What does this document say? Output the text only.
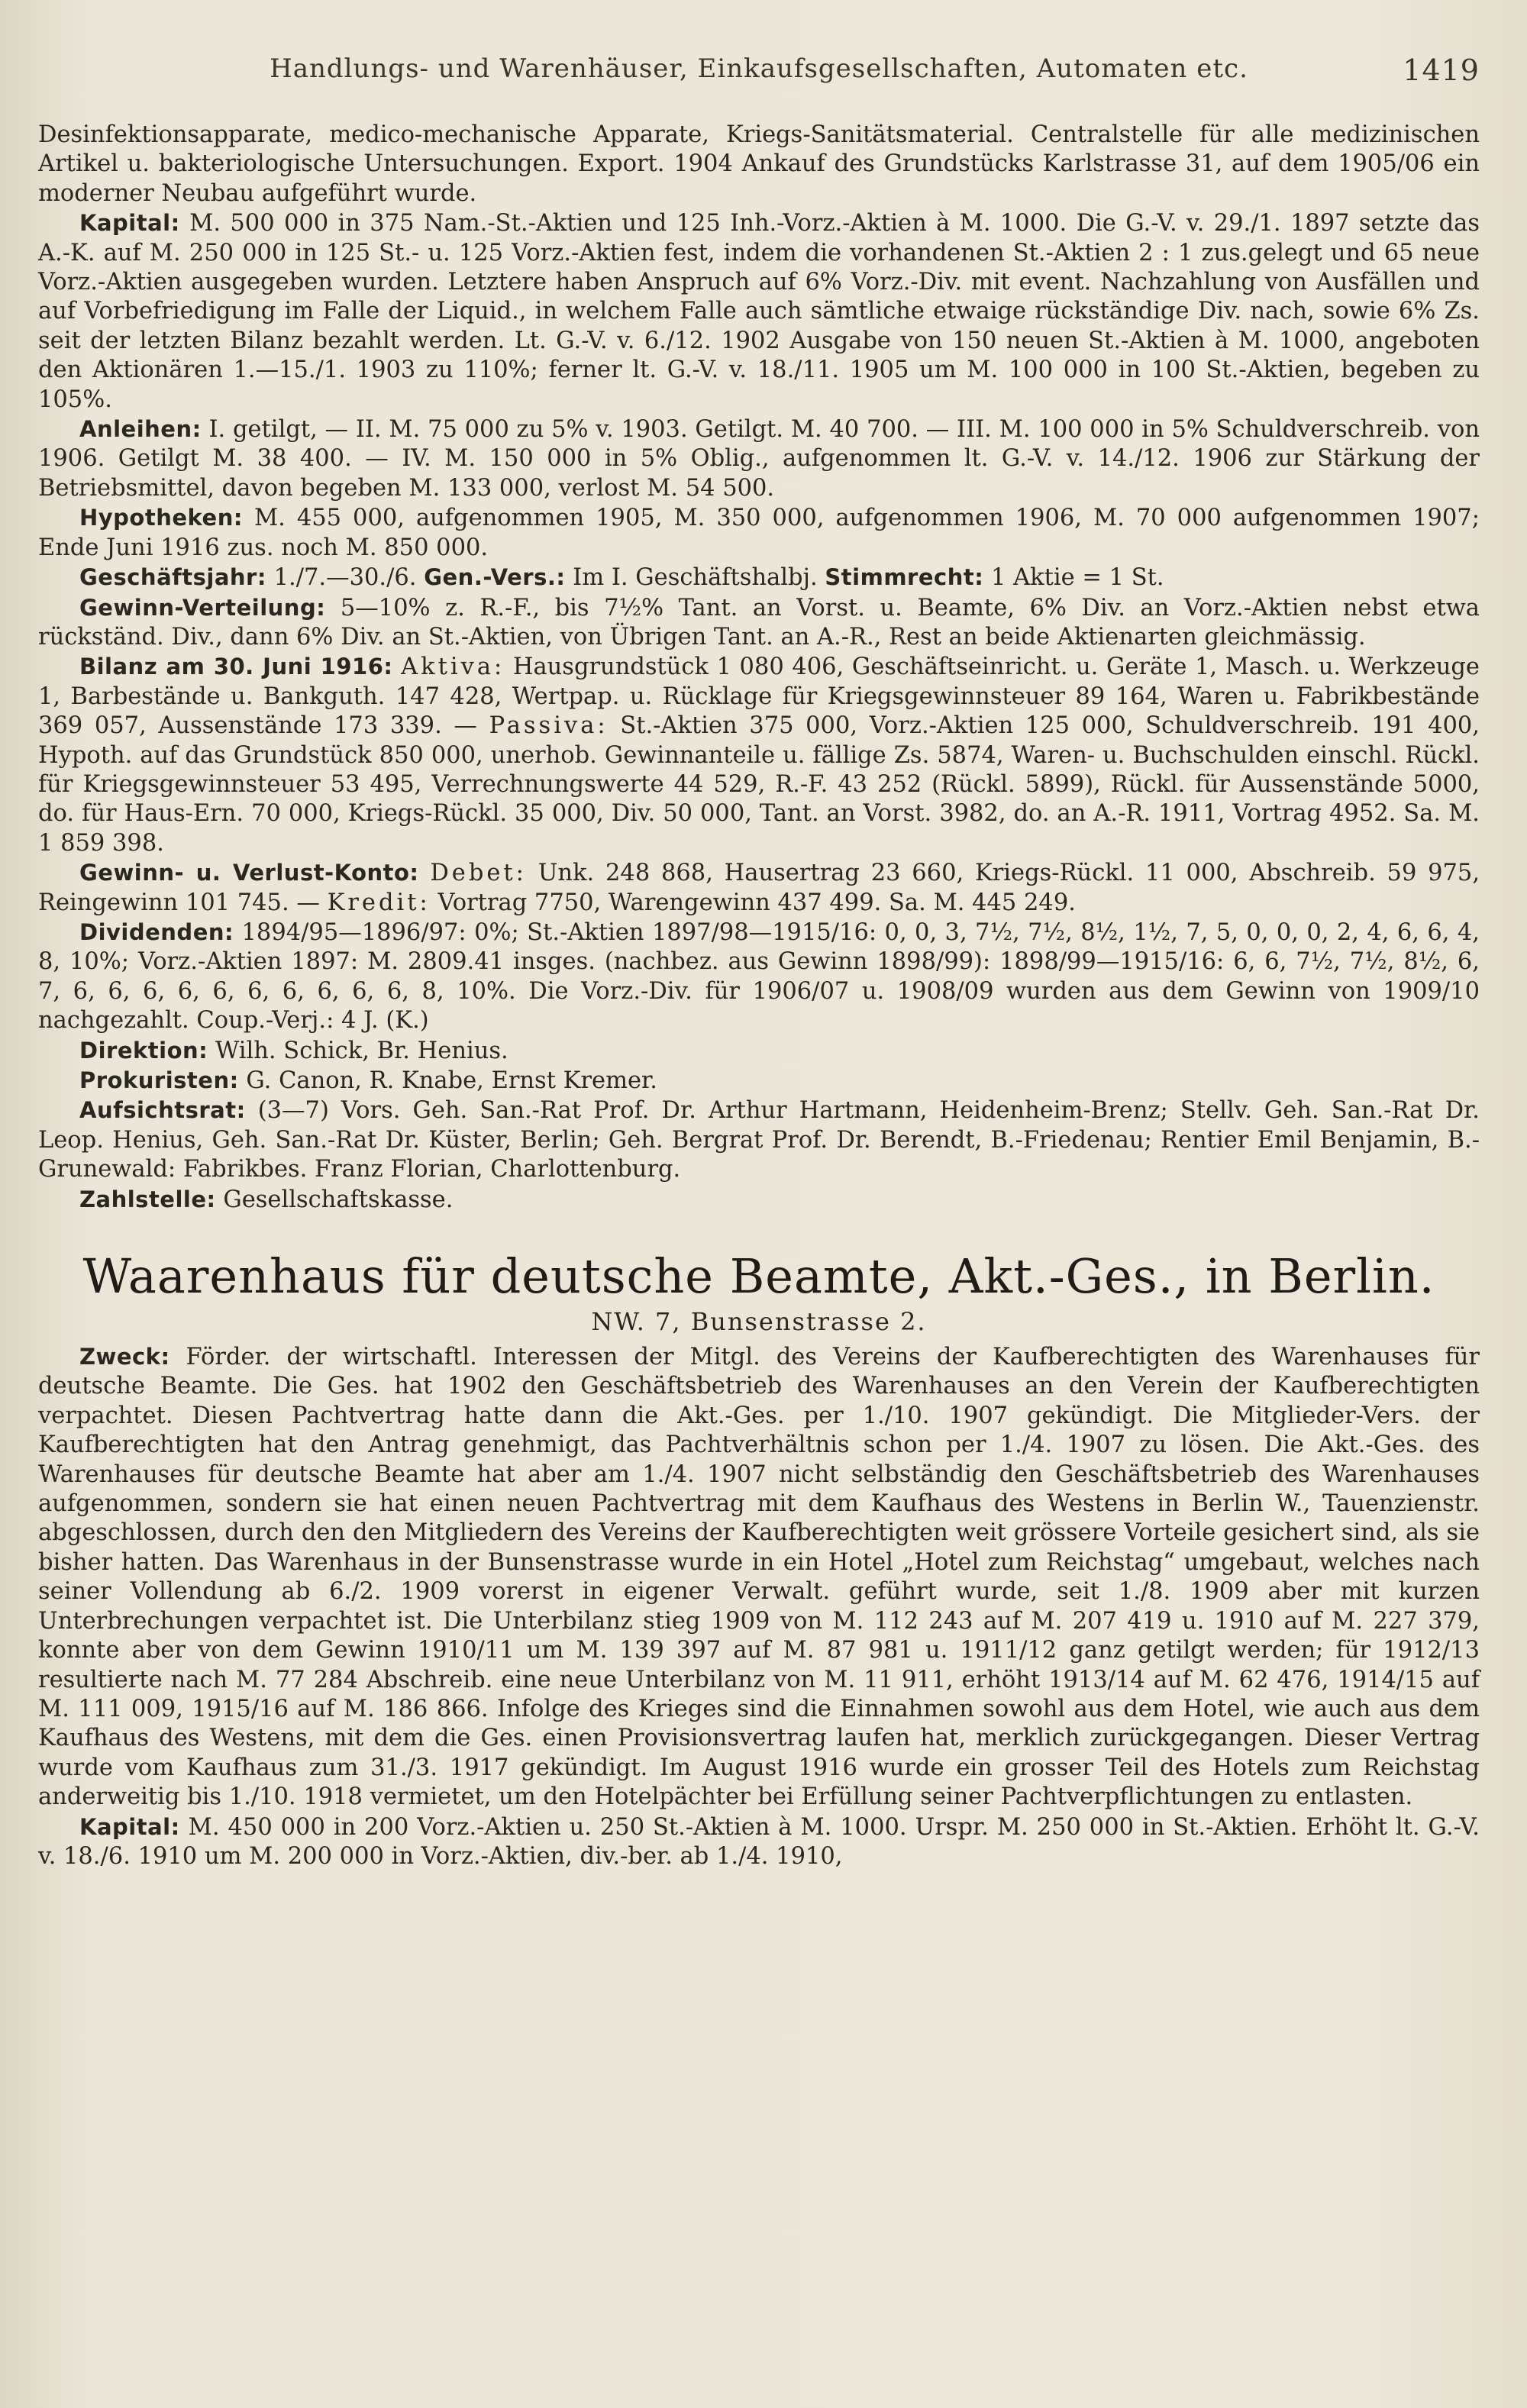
Handlungs- und Warenhäuser, Einkaufsgesellschaften, Automaten etc.	1419

Desinfektionsapparate, medico-mechanische Apparate, Kriegs-Sanitätsmaterial. Centralstelle für alle medizinischen Artikel u. bakteriologische Untersuchungen. Export. 1904 Ankauf des Grundstücks Karlstrasse 31, auf dem 1905/06 ein moderner Neubau aufgeführt wurde.

Kapital: M. 500 000 in 375 Nam.-St.-Aktien und 125 Inh.-Vorz.-Aktien à M. 1000. Die G.-V. v. 29./1. 1897 setzte das A.-K. auf M. 250 000 in 125 St.- u. 125 Vorz.-Aktien fest, indem die vorhandenen St.-Aktien 2 : 1 zus.gelegt und 65 neue Vorz.-Aktien ausgegeben wurden. Letztere haben Anspruch auf 6% Vorz.-Div. mit event. Nachzahlung von Ausfällen und auf Vorbefriedigung im Falle der Liquid., in welchem Falle auch sämtliche etwaige rückständige Div. nach, sowie 6% Zs. seit der letzten Bilanz bezahlt werden. Lt. G.-V. v. 6./12. 1902 Ausgabe von 150 neuen St.-Aktien à M. 1000, angeboten den Aktionären 1.—15./1. 1903 zu 110%; ferner lt. G.-V. v. 18./11. 1905 um M. 100 000 in 100 St.-Aktien, begeben zu 105%.

Anleihen: I. getilgt, — II. M. 75 000 zu 5% v. 1903. Getilgt. M. 40 700. — III. M. 100 000 in 5% Schuldverschreib. von 1906. Getilgt M. 38 400. — IV. M. 150 000 in 5% Oblig., aufgenommen lt. G.-V. v. 14./12. 1906 zur Stärkung der Betriebsmittel, davon begeben M. 133 000, verlost M. 54 500.

Hypotheken: M. 455 000, aufgenommen 1905, M. 350 000, aufgenommen 1906, M. 70 000 aufgenommen 1907; Ende Juni 1916 zus. noch M. 850 000.

Geschäftsjahr: 1./7.—30./6. Gen.-Vers.: Im I. Geschäftshalbj. Stimmrecht: 1 Aktie = 1 St.

Gewinn-Verteilung: 5—10% z. R.-F., bis 7½% Tant. an Vorst. u. Beamte, 6% Div. an Vorz.-Aktien nebst etwa rückständ. Div., dann 6% Div. an St.-Aktien, von Übrigen Tant. an A.-R., Rest an beide Aktienarten gleichmässig.

Bilanz am 30. Juni 1916: Aktiva: Hausgrundstück 1 080 406, Geschäftseinricht. u. Geräte 1, Masch. u. Werkzeuge 1, Barbestände u. Bankguth. 147 428, Wertpap. u. Rücklage für Kriegsgewinnsteuer 89 164, Waren u. Fabrikbestände 369 057, Aussenstände 173 339. — Passiva: St.-Aktien 375 000, Vorz.-Aktien 125 000, Schuldverschreib. 191 400, Hypoth. auf das Grundstück 850 000, unerhob. Gewinnanteile u. fällige Zs. 5874, Waren- u. Buchschulden einschl. Rückl. für Kriegsgewinnsteuer 53 495, Verrechnungswerte 44 529, R.-F. 43 252 (Rückl. 5899), Rückl. für Aussenstände 5000, do. für Haus-Ern. 70 000, Kriegs-Rückl. 35 000, Div. 50 000, Tant. an Vorst. 3982, do. an A.-R. 1911, Vortrag 4952. Sa. M. 1 859 398.

Gewinn- u. Verlust-Konto: Debet: Unk. 248 868, Hausertrag 23 660, Kriegs-Rückl. 11 000, Abschreib. 59 975, Reingewinn 101 745. — Kredit: Vortrag 7750, Warengewinn 437 499. Sa. M. 445 249.

Dividenden: 1894/95—1896/97: 0%; St.-Aktien 1897/98—1915/16: 0, 0, 3, 7½, 7½, 8½, 1½, 7, 5, 0, 0, 0, 2, 4, 6, 6, 4, 8, 10%; Vorz.-Aktien 1897: M. 2809.41 insges. (nachbez. aus Gewinn 1898/99): 1898/99—1915/16: 6, 6, 7½, 7½, 8½, 6, 7, 6, 6, 6, 6, 6, 6, 6, 6, 6, 6, 8, 10%. Die Vorz.-Div. für 1906/07 u. 1908/09 wurden aus dem Gewinn von 1909/10 nachgezahlt. Coup.-Verj.: 4 J. (K.)

Direktion: Wilh. Schick, Br. Henius.

Prokuristen: G. Canon, R. Knabe, Ernst Kremer.

Aufsichtsrat: (3—7) Vors. Geh. San.-Rat Prof. Dr. Arthur Hartmann, Heidenheim-Brenz; Stellv. Geh. San.-Rat Dr. Leop. Henius, Geh. San.-Rat Dr. Küster, Berlin; Geh. Bergrat Prof. Dr. Berendt, B.-Friedenau; Rentier Emil Benjamin, B.-Grunewald: Fabrikbes. Franz Florian, Charlottenburg.

Zahlstelle: Gesellschaftskasse.

Waarenhaus für deutsche Beamte, Akt.-Ges., in Berlin.
NW. 7, Bunsenstrasse 2.

Zweck: Förder. der wirtschaftl. Interessen der Mitgl. des Vereins der Kaufberechtigten des Warenhauses für deutsche Beamte. Die Ges. hat 1902 den Geschäftsbetrieb des Warenhauses an den Verein der Kaufberechtigten verpachtet. Diesen Pachtvertrag hatte dann die Akt.-Ges. per 1./10. 1907 gekündigt. Die Mitglieder-Vers. der Kaufberechtigten hat den Antrag genehmigt, das Pachtverhältnis schon per 1./4. 1907 zu lösen. Die Akt.-Ges. des Warenhauses für deutsche Beamte hat aber am 1./4. 1907 nicht selbständig den Geschäftsbetrieb des Warenhauses aufgenommen, sondern sie hat einen neuen Pachtvertrag mit dem Kaufhaus des Westens in Berlin W., Tauenzienstr. abgeschlossen, durch den den Mitgliedern des Vereins der Kaufberechtigten weit grössere Vorteile gesichert sind, als sie bisher hatten. Das Warenhaus in der Bunsenstrasse wurde in ein Hotel „Hotel zum Reichstag“ umgebaut, welches nach seiner Vollendung ab 6./2. 1909 vorerst in eigener Verwalt. geführt wurde, seit 1./8. 1909 aber mit kurzen Unterbrechungen verpachtet ist. Die Unterbilanz stieg 1909 von M. 112 243 auf M. 207 419 u. 1910 auf M. 227 379, konnte aber von dem Gewinn 1910/11 um M. 139 397 auf M. 87 981 u. 1911/12 ganz getilgt werden; für 1912/13 resultierte nach M. 77 284 Abschreib. eine neue Unterbilanz von M. 11 911, erhöht 1913/14 auf M. 62 476, 1914/15 auf M. 111 009, 1915/16 auf M. 186 866. Infolge des Krieges sind die Einnahmen sowohl aus dem Hotel, wie auch aus dem Kaufhaus des Westens, mit dem die Ges. einen Provisionsvertrag laufen hat, merklich zurückgegangen. Dieser Vertrag wurde vom Kaufhaus zum 31./3. 1917 gekündigt. Im August 1916 wurde ein grosser Teil des Hotels zum Reichstag anderweitig bis 1./10. 1918 vermietet, um den Hotelpächter bei Erfüllung seiner Pachtverpflichtungen zu entlasten.

Kapital: M. 450 000 in 200 Vorz.-Aktien u. 250 St.-Aktien à M. 1000. Urspr. M. 250 000 in St.-Aktien. Erhöht lt. G.-V. v. 18./6. 1910 um M. 200 000 in Vorz.-Aktien, div.-ber. ab 1./4. 1910,
